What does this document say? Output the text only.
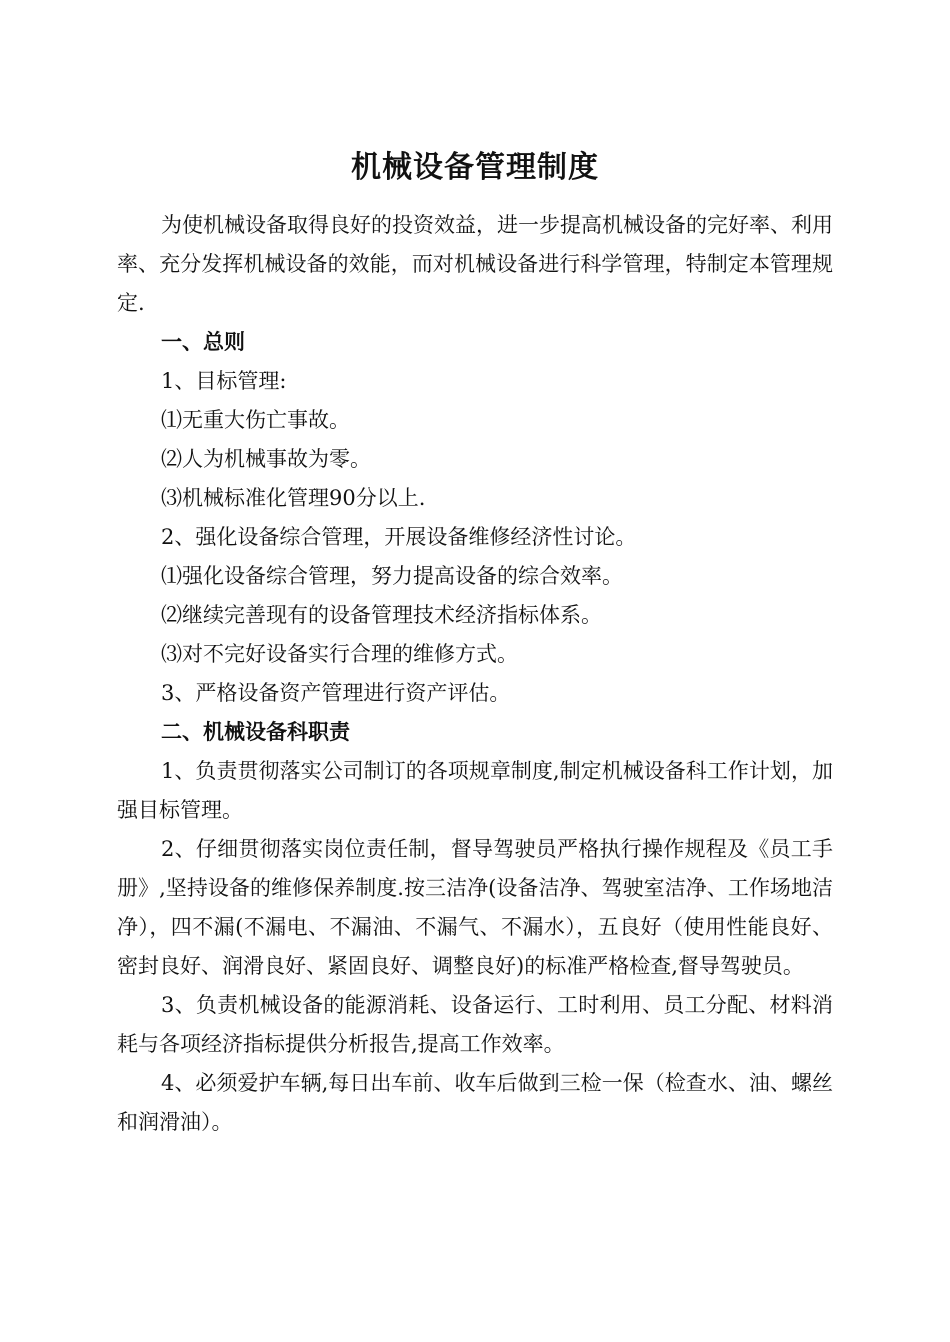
机械设备管理制度

为使机械设备取得良好的投资效益，进一步提高机械设备的完好率、利用率、充分发挥机械设备的效能，而对机械设备进行科学管理，特制定本管理规定.

一、总则

1、目标管理:

⑴无重大伤亡事故。

⑵人为机械事故为零。

⑶机械标准化管理90分以上.

2、强化设备综合管理，开展设备维修经济性讨论。

⑴强化设备综合管理，努力提高设备的综合效率。

⑵继续完善现有的设备管理技术经济指标体系。

⑶对不完好设备实行合理的维修方式。

3、严格设备资产管理进行资产评估。

二、机械设备科职责

1、负责贯彻落实公司制订的各项规章制度,制定机械设备科工作计划，加强目标管理。

2、仔细贯彻落实岗位责任制，督导驾驶员严格执行操作规程及《员工手册》,坚持设备的维修保养制度.按三洁净(设备洁净、驾驶室洁净、工作场地洁净），四不漏(不漏电、不漏油、不漏气、不漏水），五良好（使用性能良好、密封良好、润滑良好、紧固良好、调整良好)的标准严格检查,督导驾驶员。

3、负责机械设备的能源消耗、设备运行、工时利用、员工分配、材料消耗与各项经济指标提供分析报告,提高工作效率。

4、必须爱护车辆,每日出车前、收车后做到三检一保（检查水、油、螺丝和润滑油）。
